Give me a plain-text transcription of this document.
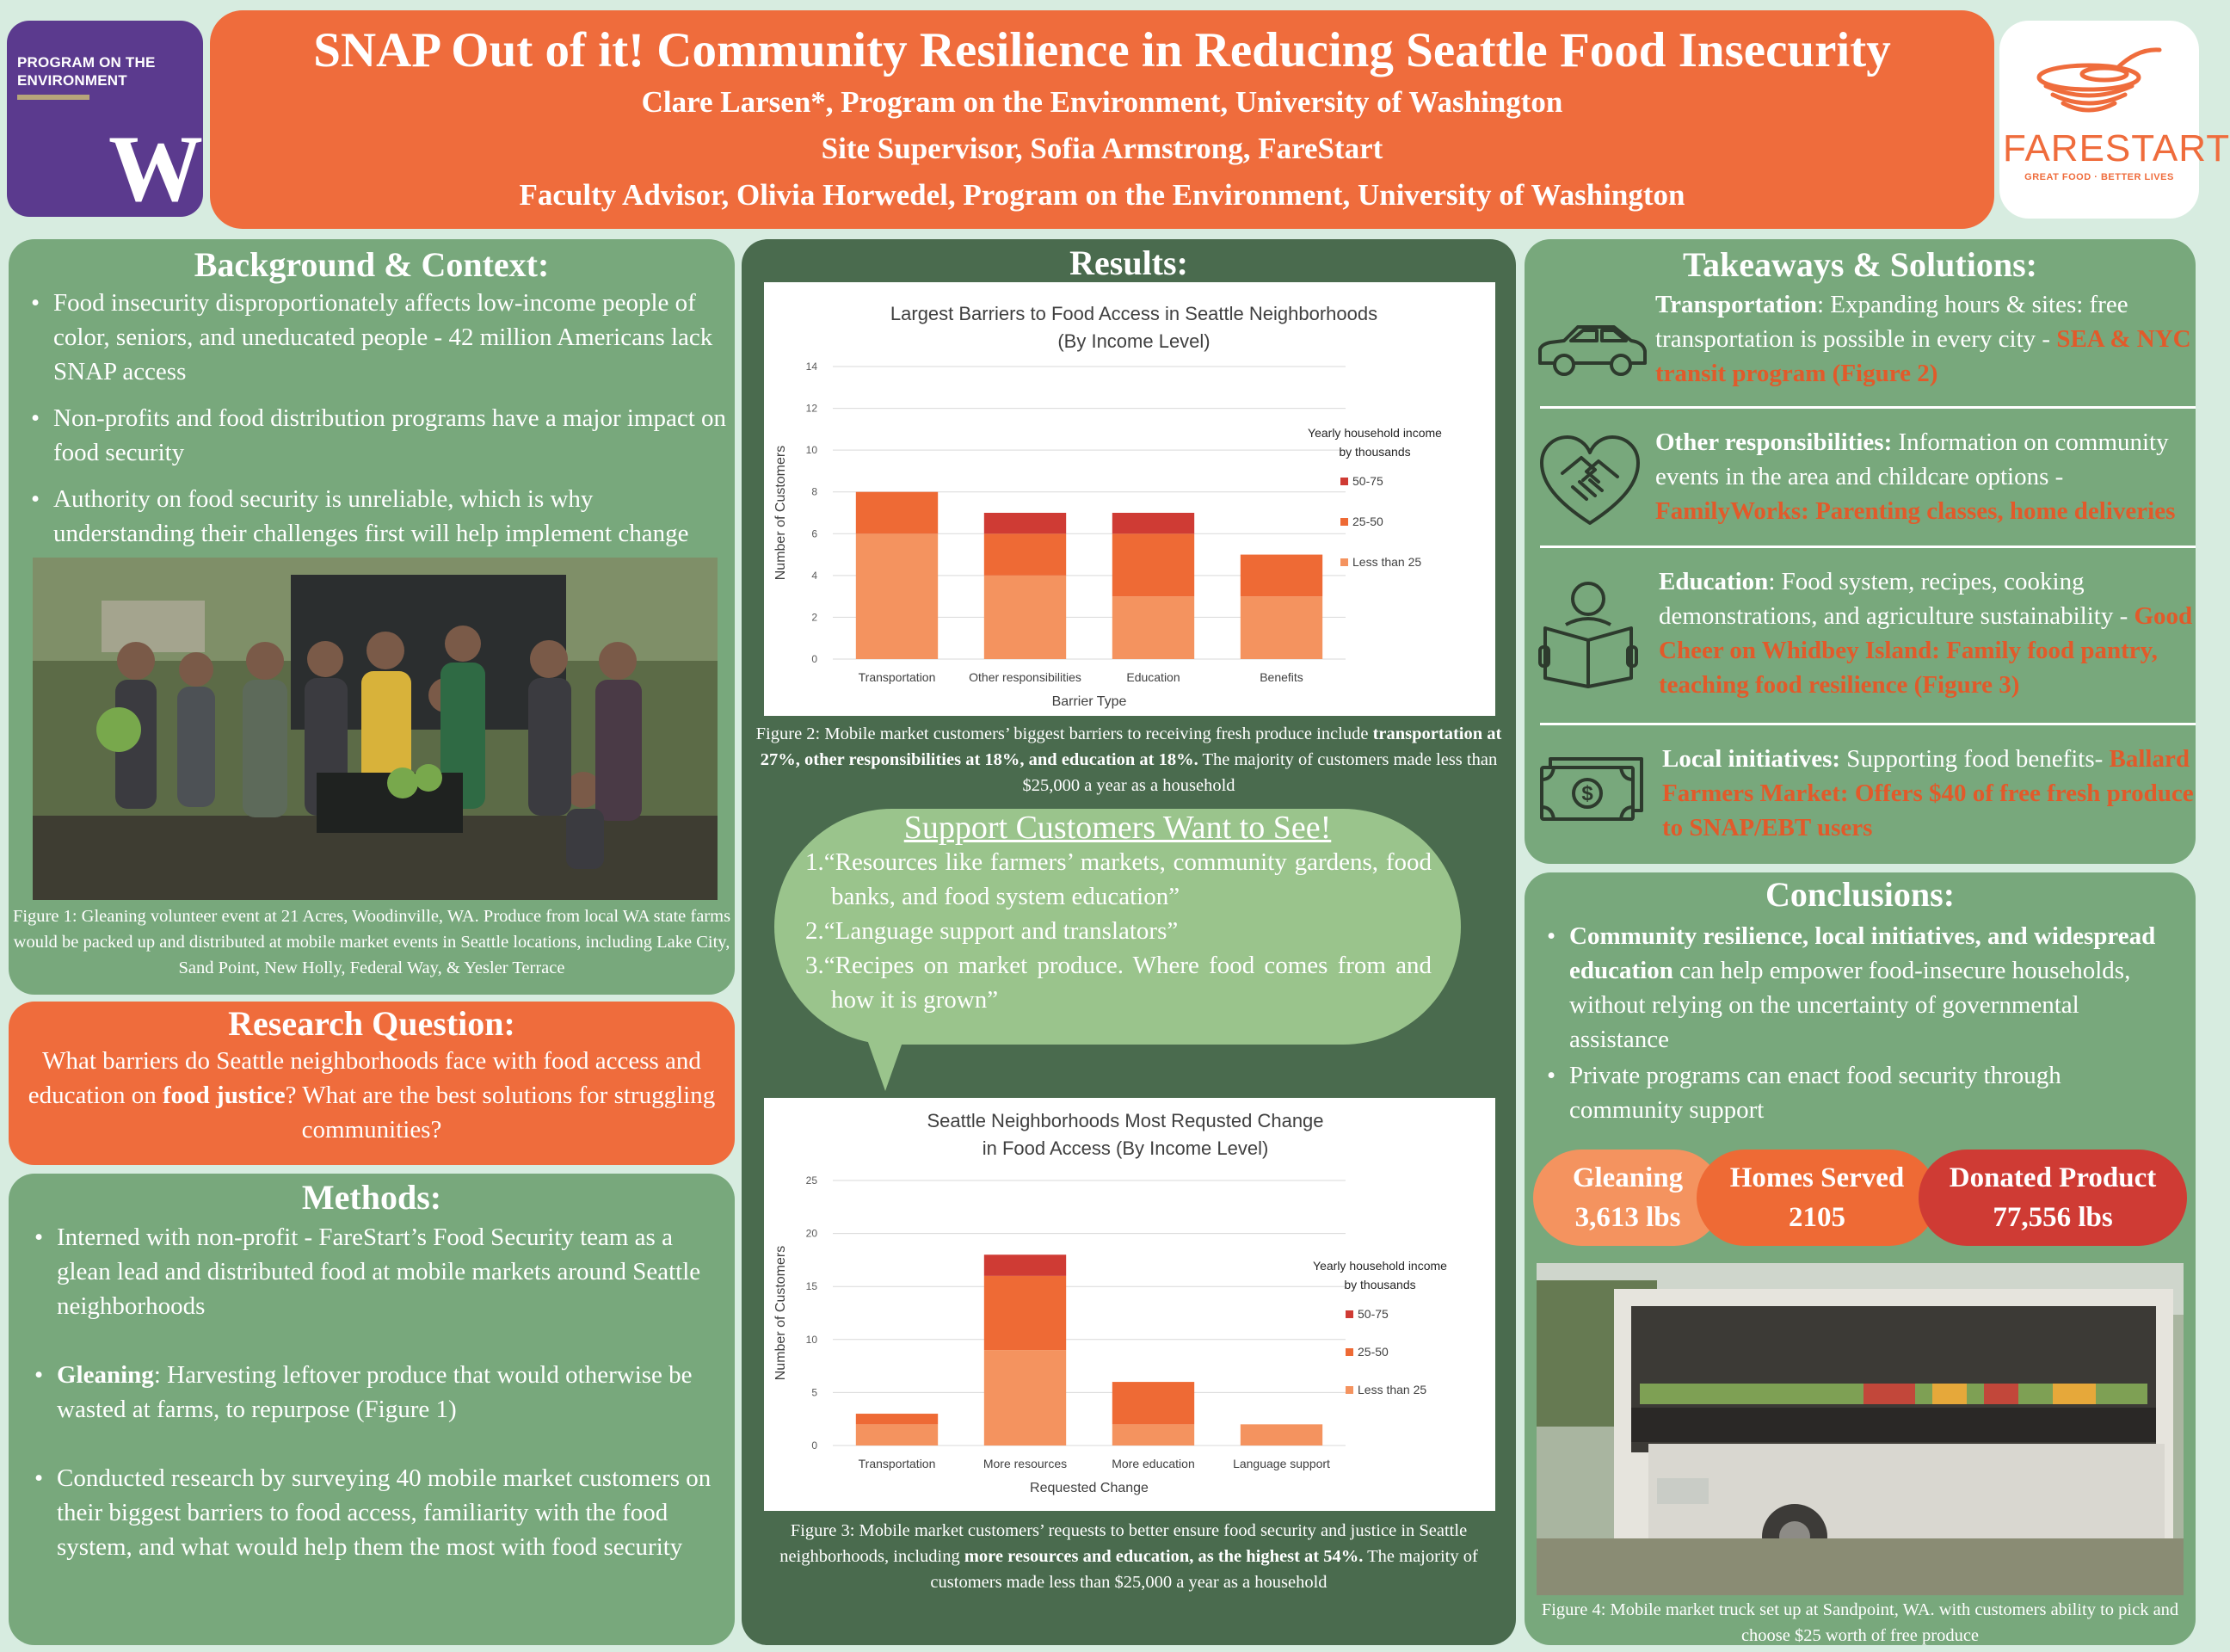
PROGRAM ON THE
ENVIRONMENT
W
SNAP Out of it! Community Resilience in Reducing Seattle Food Insecurity
Clare Larsen*, Program on the Environment, University of Washington
Site Supervisor, Sofia Armstrong, FareStart
Faculty Advisor, Olivia Horwedel, Program on the Environment, University of Washington
FARESTART
GREAT FOOD · BETTER LIVES
Background & Context:
• Food insecurity disproportionately affects low-income people of color, seniors, and uneducated people - 42 million Americans lack SNAP access
• Non-profits and food distribution programs have a major impact on food security
• Authority on food security is unreliable, which is why understanding their challenges first will help implement change
Figure 1: Gleaning volunteer event at 21 Acres, Woodinville, WA. Produce from local WA state farms would be packed up and distributed at mobile market events in Seattle locations, including Lake City, Sand Point, New Holly, Federal Way, & Yesler Terrace
Research Question:
What barriers do Seattle neighborhoods face with food access and education on food justice? What are the best solutions for struggling communities?
Methods:
• Interned with non-profit - FareStart’s Food Security team as a glean lead and distributed food at mobile markets around Seattle neighborhoods
• Gleaning: Harvesting leftover produce that would otherwise be wasted at farms, to repurpose (Figure 1)
• Conducted research by surveying 40 mobile market customers on their biggest barriers to food access, familiarity with the food system, and what would help them the most with food security
Results:
Largest Barriers to Food Access in Seattle Neighborhoods
(By Income Level)
0
2
4
6
8
10
12
14
Transportation	Other responsibilities	Education	Benefits
Barrier Type
Number of Customers
Yearly household income
by thousands
50-75
25-50
Less than 25
Figure 2: Mobile market customers’ biggest barriers to receiving fresh produce include transportation at 27%, other responsibilities at 18%, and education at 18%. The majority of customers made less than $25,000 a year as a household
Seattle Neighborhoods Most Requsted Change
in Food Access (By Income Level)
0
5
10
15
20
25
Transportation	More resources	More education	Language support
Requested Change
Number of Customers	Yearly household income
by thousands
50-75
25-50
Less than 25
Figure 3: Mobile market customers’ requests to better ensure food security and justice in Seattle neighborhoods, including more resources and education, as the highest at 54%. The majority of customers made less than $25,000 a year as a household
Support Customers Want to See!
1.“Resources like farmers’ markets, community gardens, food banks, and food system education”
2.“Language support and translators”
3.“Recipes on market produce. Where food comes from and how it is grown”
Takeaways & Solutions:
Transportation: Expanding hours & sites: free transportation is possible in every city - SEA & NYC transit program (Figure 2)
Other responsibilities: Information on community events in the area and childcare options - FamilyWorks: Parenting classes, home deliveries
Education: Food system, recipes, cooking demonstrations, and agriculture sustainability - Good Cheer on Whidbey Island: Family food pantry, teaching food resilience (Figure 3)
$
Local initiatives: Supporting food benefits- Ballard Farmers Market: Offers $40 of free fresh produce to SNAP/EBT users
Conclusions:
• Community resilience, local initiatives, and widespread education can help empower food-insecure households, without relying on the uncertainty of governmental assistance
• Private programs can enact food security through community support
Gleaning
3,613 lbs
Homes Served
2105
Donated Product
77,556 lbs
Figure 4: Mobile market truck set up at Sandpoint, WA. with customers ability to pick and choose $25 worth of free produce
